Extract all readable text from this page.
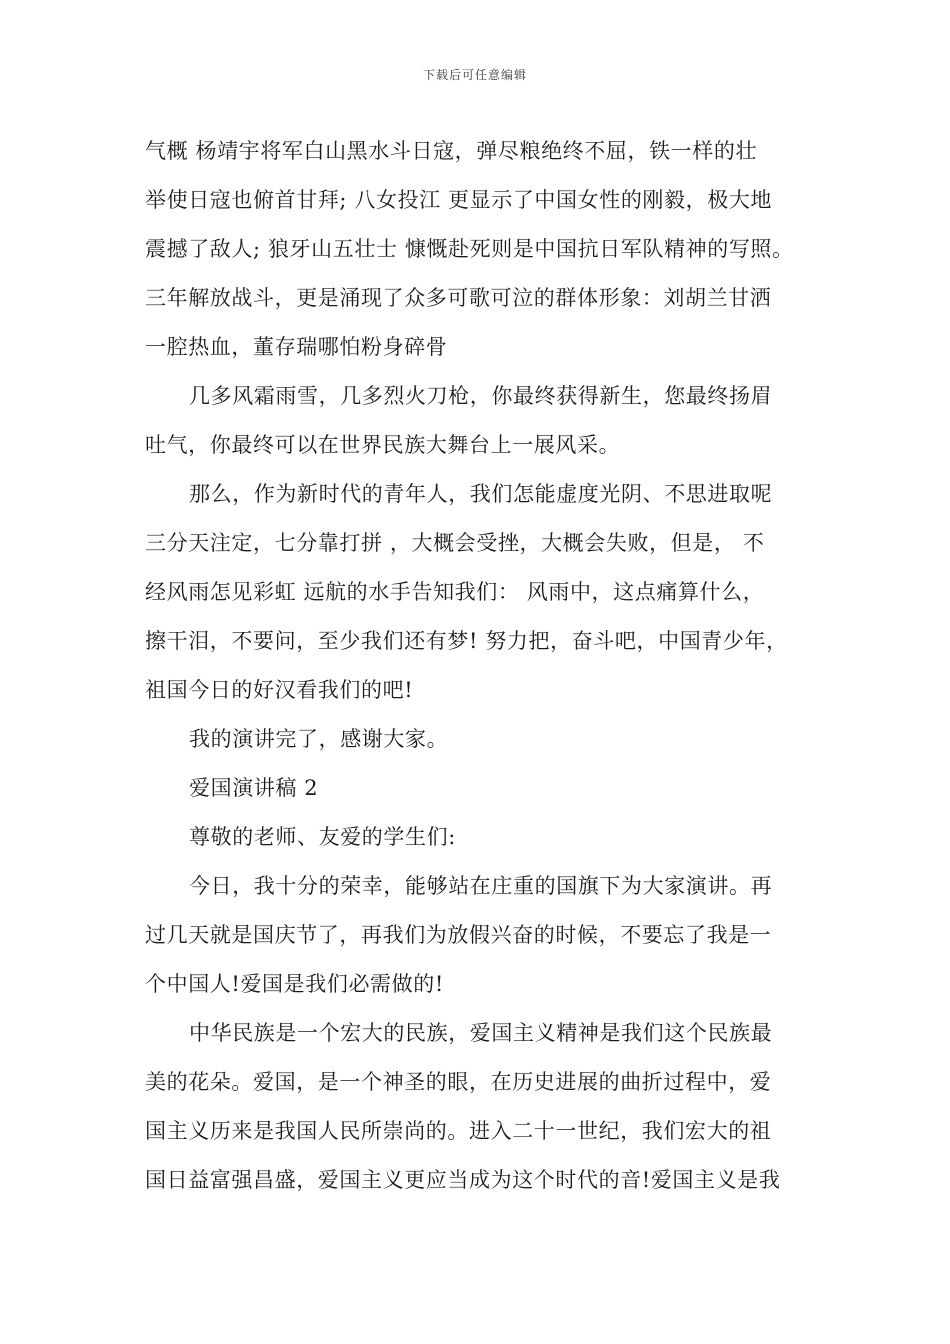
下载后可任意编辑
气概 杨靖宇将军白山黑水斗日寇，弹尽粮绝终不屈，铁一样的壮
举使日寇也俯首甘拜; 八女投江 更显示了中国女性的刚毅，极大地
震撼了敌人; 狼牙山五壮士 慷慨赴死则是中国抗日军队精神的写照。
三年解放战斗，更是涌现了众多可歌可泣的群体形象：刘胡兰甘洒
一腔热血，董存瑞哪怕粉身碎骨
几多风霜雨雪，几多烈火刀枪，你最终获得新生，您最终扬眉
吐气，你最终可以在世界民族大舞台上一展风采。
那么，作为新时代的青年人，我们怎能虚度光阴、不思进取呢
三分天注定，七分靠打拼 ，大概会受挫，大概会失败，但是， 不
经风雨怎见彩虹 远航的水手告知我们： 风雨中，这点痛算什么，
擦干泪，不要问，至少我们还有梦! 努力把，奋斗吧，中国青少年，
祖国今日的好汉看我们的吧!
我的演讲完了，感谢大家。
爱国演讲稿 2
尊敬的老师、友爱的学生们:
今日，我十分的荣幸，能够站在庄重的国旗下为大家演讲。再
过几天就是国庆节了，再我们为放假兴奋的时候，不要忘了我是一
个中国人!爱国是我们必需做的!
中华民族是一个宏大的民族，爱国主义精神是我们这个民族最
美的花朵。爱国，是一个神圣的眼，在历史进展的曲折过程中，爱
国主义历来是我国人民所崇尚的。进入二十一世纪，我们宏大的祖
国日益富强昌盛，爱国主义更应当成为这个时代的音!爱国主义是我
